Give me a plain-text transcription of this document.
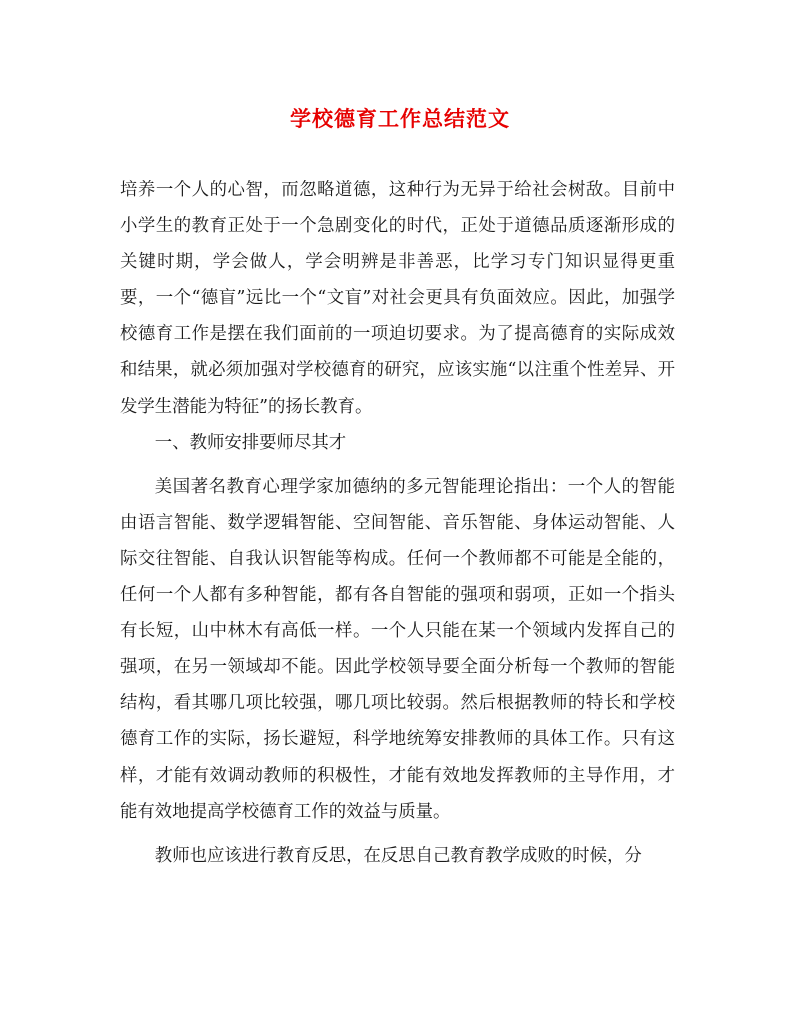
学校德育工作总结范文

培养一个人的心智，而忽略道德，这种行为无异于给社会树敌。目前中小学生的教育正处于一个急剧变化的时代，正处于道德品质逐渐形成的关键时期，学会做人，学会明辨是非善恶，比学习专门知识显得更重要，一个“德盲”远比一个“文盲”对社会更具有负面效应。因此，加强学校德育工作是摆在我们面前的一项迫切要求。为了提高德育的实际成效和结果，就必须加强对学校德育的研究，应该实施“以注重个性差异、开发学生潜能为特征”的扬长教育。

一、教师安排要师尽其才

美国著名教育心理学家加德纳的多元智能理论指出：一个人的智能由语言智能、数学逻辑智能、空间智能、音乐智能、身体运动智能、人际交往智能、自我认识智能等构成。任何一个教师都不可能是全能的，任何一个人都有多种智能，都有各自智能的强项和弱项，正如一个指头有长短，山中林木有高低一样。一个人只能在某一个领域内发挥自己的强项，在另一领域却不能。因此学校领导要全面分析每一个教师的智能结构，看其哪几项比较强，哪几项比较弱。然后根据教师的特长和学校德育工作的实际，扬长避短，科学地统筹安排教师的具体工作。只有这样，才能有效调动教师的积极性，才能有效地发挥教师的主导作用，才能有效地提高学校德育工作的效益与质量。

教师也应该进行教育反思，在反思自己教育教学成败的时候，分
